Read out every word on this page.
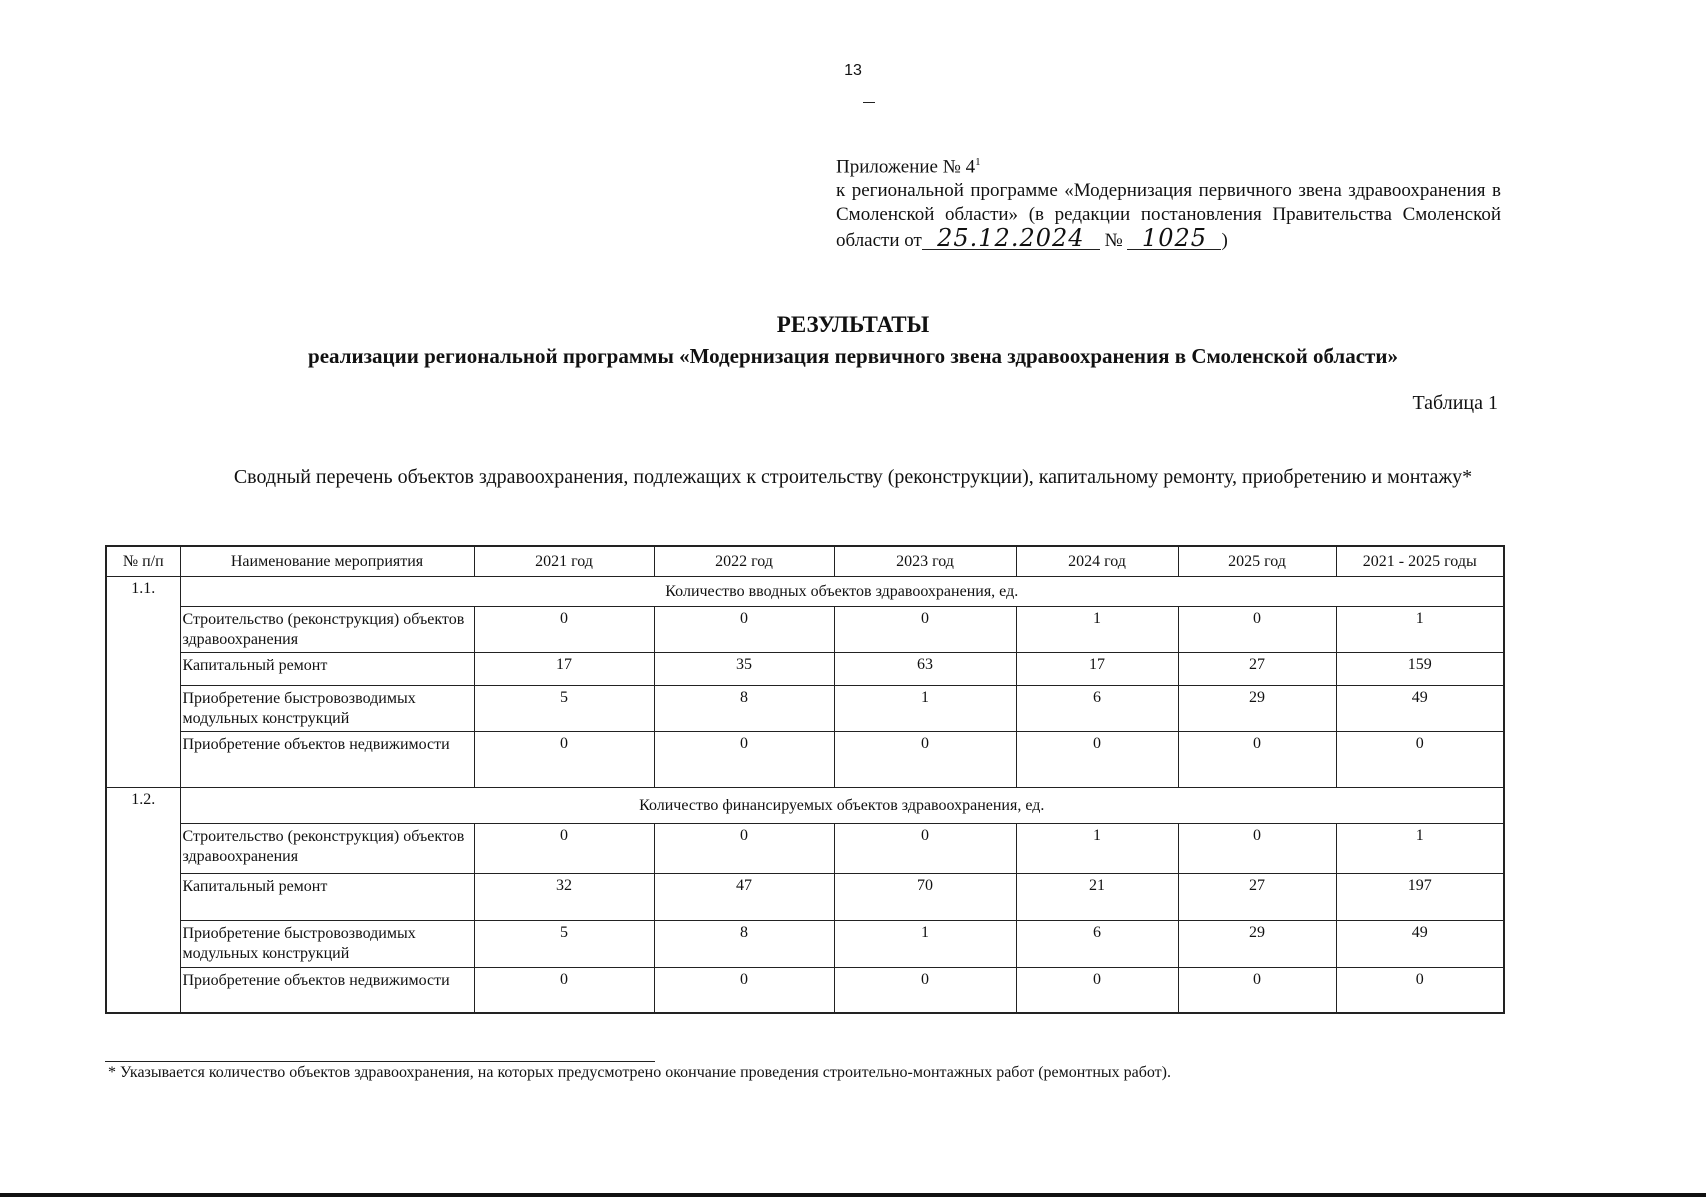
13
Приложение № $4^1$
к региональной программе «Модернизация первичного звена здравоохранения в
Смоленской области» (в редакции постановления Правительства Смоленской
области от 25.12.2024 № 1025 )
РЕЗУЛЬТАТЫ
реализации региональной программы «Модернизация первичного звена здравоохранения в Смоленской области»
Таблица 1
Сводный перечень объектов здравоохранения, подлежащих к строительству (реконструкции), капитальному ремонту, приобретению и монтажу*
№ п/п	Наименование мероприятия	2021 год	2022 год	2023 год	2024 год	2025 год	2021 - 2025 годы
1.1.	Количество вводных объектов здравоохранения, ед.						
	Строительство (реконструкция) объектов здравоохранения	0	0	0	1	0	1
	Капитальный ремонт	17	35	63	17	27	159
	Приобретение быстровозводимых модульных конструкций	5	8	1	6	29	49
	Приобретение объектов недвижимости	0	0	0	0	0	0
1.2.	Количество финансируемых объектов здравоохранения, ед.						
	Строительство (реконструкция) объектов здравоохранения	0	0	0	1	0	1
	Капитальный ремонт	32	47	70	21	27	197
	Приобретение быстровозводимых модульных конструкций	5	8	1	6	29	49
	Приобретение объектов недвижимости	0	0	0	0	0	0
* Указывается количество объектов здравоохранения, на которых предусмотрено окончание проведения строительно-монтажных работ (ремонтных работ).
